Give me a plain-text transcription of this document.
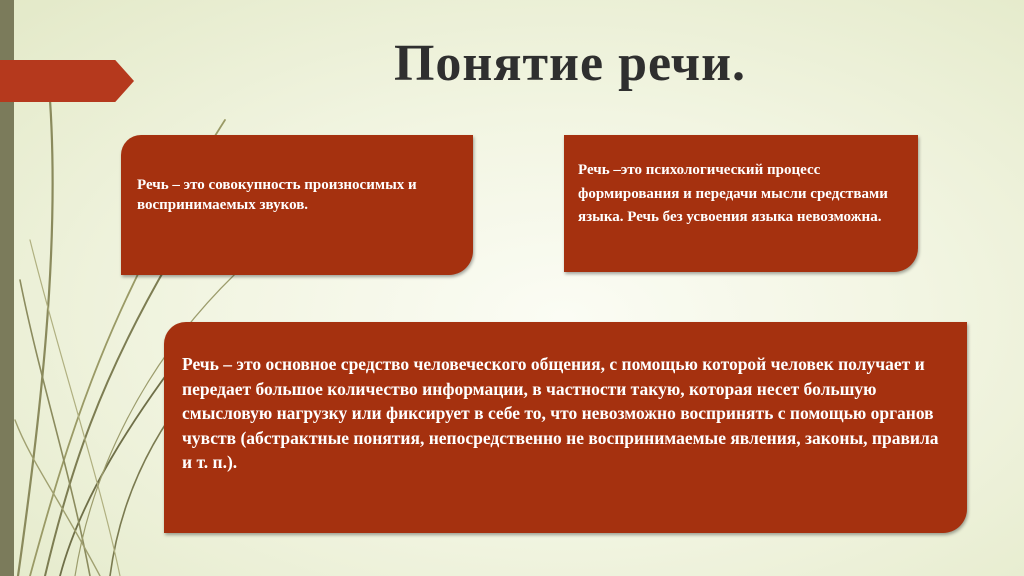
Понятие речи.
Речь – это совокупность произносимых и воспринимаемых звуков.
Речь –это психологический процесс формирования и передачи мысли средствами языка. Речь без усвоения языка невозможна.
Речь – это основное средство человеческого общения, с помощью которой человек получает и передает большое количество информации, в частности такую, которая несет большую смысловую нагрузку или фиксирует в себе то, что невозможно воспринять с помощью органов чувств (абстрактные понятия, непосредственно не воспринимаемые явления, законы, правила и т. п.).
